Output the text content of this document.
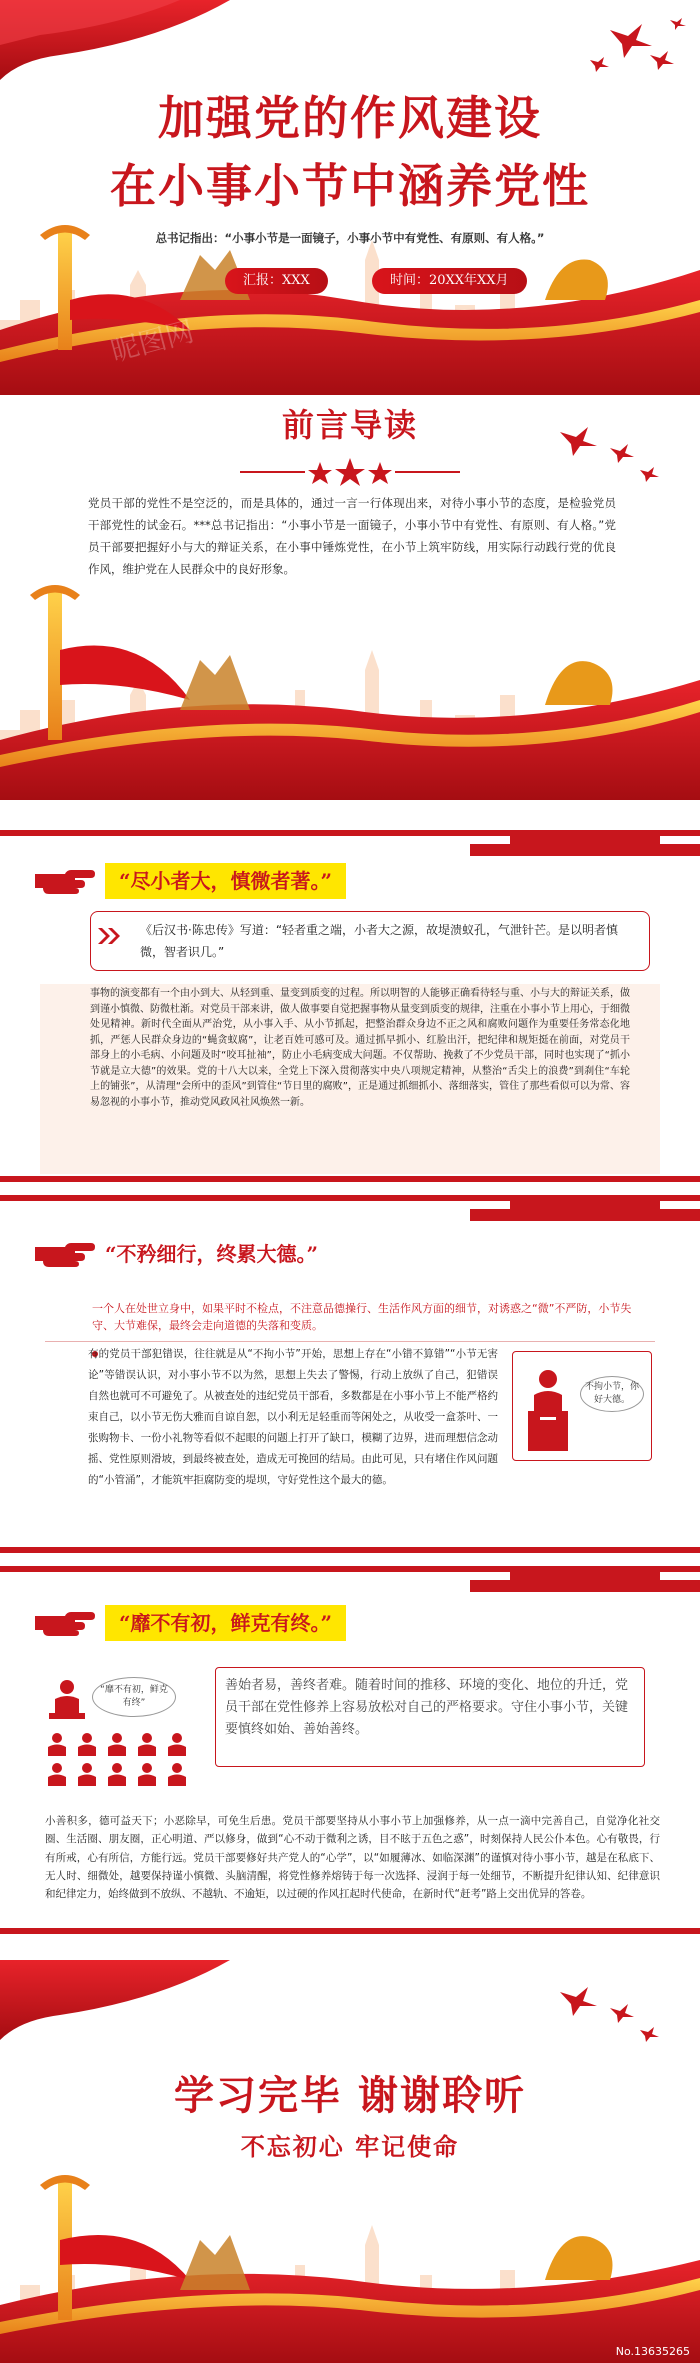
加强党的作风建设
在小事小节中涵养党性
总书记指出：“小事小节是一面镜子，小事小节中有党性、有原则、有人格。”
汇报：XXX	时间：20XX年XX月
昵图网
前言导读
党员干部的党性不是空泛的，而是具体的，通过一言一行体现出来，对待小事小节的态度，是检验党员干部党性的试金石。***总书记指出：“小事小节是一面镜子，小事小节中有党性、有原则、有人格。”党员干部要把握好小与大的辩证关系，在小事中锤炼党性，在小节上筑牢防线，用实际行动践行党的优良作风，维护党在人民群众中的良好形象。
“尽小者大，慎微者著。”
《后汉书·陈忠传》写道：“轻者重之端，小者大之源，故堤溃蚁孔，气泄针芒。是以明者慎微，智者识几。”
事物的演变都有一个由小到大、从轻到重、量变到质变的过程。所以明智的人能够正确看待轻与重、小与大的辩证关系，做到谨小慎微、防微杜渐。对党员干部来讲，做人做事要自觉把握事物从量变到质变的规律，注重在小事小节上用心，于细微处见精神。新时代全面从严治党，从小事入手、从小节抓起，把整治群众身边不正之风和腐败问题作为重要任务常态化地抓，严惩人民群众身边的“蝇贪蚁腐”，让老百姓可感可及。通过抓早抓小、红脸出汗，把纪律和规矩挺在前面，对党员干部身上的小毛病、小问题及时“咬耳扯袖”，防止小毛病变成大问题。不仅帮助、挽救了不少党员干部，同时也实现了“抓小节就是立大德”的效果。党的十八大以来，全党上下深入贯彻落实中央八项规定精神，从整治“舌尖上的浪费”到刹住“车轮上的铺张”，从清理“会所中的歪风”到管住“节日里的腐败”，正是通过抓细抓小、落细落实，管住了那些看似可以为常、容易忽视的小事小节，推动党风政风社风焕然一新。
“不矜细行，终累大德。”
一个人在处世立身中，如果平时不检点，不注意品德操行、生活作风方面的细节，对诱惑之“微”不严防，小节失守、大节难保，最终会走向道德的失落和变质。
有的党员干部犯错误，往往就是从“不拘小节”开始，思想上存在“小错不算错”“小节无害论”等错误认识，对小事小节不以为然，思想上失去了警惕，行动上放纵了自己，犯错误自然也就可不可避免了。从被查处的违纪党员干部看，多数都是在小事小节上不能严格约束自己，以小节无伤大雅而自谅自恕，以小利无足轻重而等闲处之，从收受一盒茶叶、一张购物卡、一份小礼物等看似不起眼的问题上打开了缺口，模糊了边界，进而理想信念动摇、党性原则滑坡，到最终被查处，造成无可挽回的结局。由此可见，只有堵住作风问题的“小管涌”，才能筑牢拒腐防变的堤坝，守好党性这个最大的德。
不拘小节，你好大德。
“靡不有初，鲜克有终。”
“靡不有初，鲜克有终”
善始者易，善终者难。随着时间的推移、环境的变化、地位的升迁，党员干部在党性修养上容易放松对自己的严格要求。守住小事小节，关键要慎终如始、善始善终。
小善积多，德可益天下；小恶除早，可免生后患。党员干部要坚持从小事小节上加强修养，从一点一滴中完善自己，自觉净化社交圈、生活圈、朋友圈，正心明道、严以修身，做到“心不动于微利之诱，目不眩于五色之惑”，时刻保持人民公仆本色。心有敬畏，行有所戒，心有所信，方能行远。党员干部要修好共产党人的“心学”，以“如履薄冰、如临深渊”的谨慎对待小事小节，越是在私底下、无人时、细微处，越要保持谨小慎微、头脑清醒，将党性修养熔铸于每一次选择、浸润于每一处细节，不断提升纪律认知、纪律意识和纪律定力，始终做到不放纵、不越轨、不逾矩，以过硬的作风扛起时代使命，在新时代“赶考”路上交出优异的答卷。
学习完毕 谢谢聆听
不忘初心 牢记使命
No.13635265
